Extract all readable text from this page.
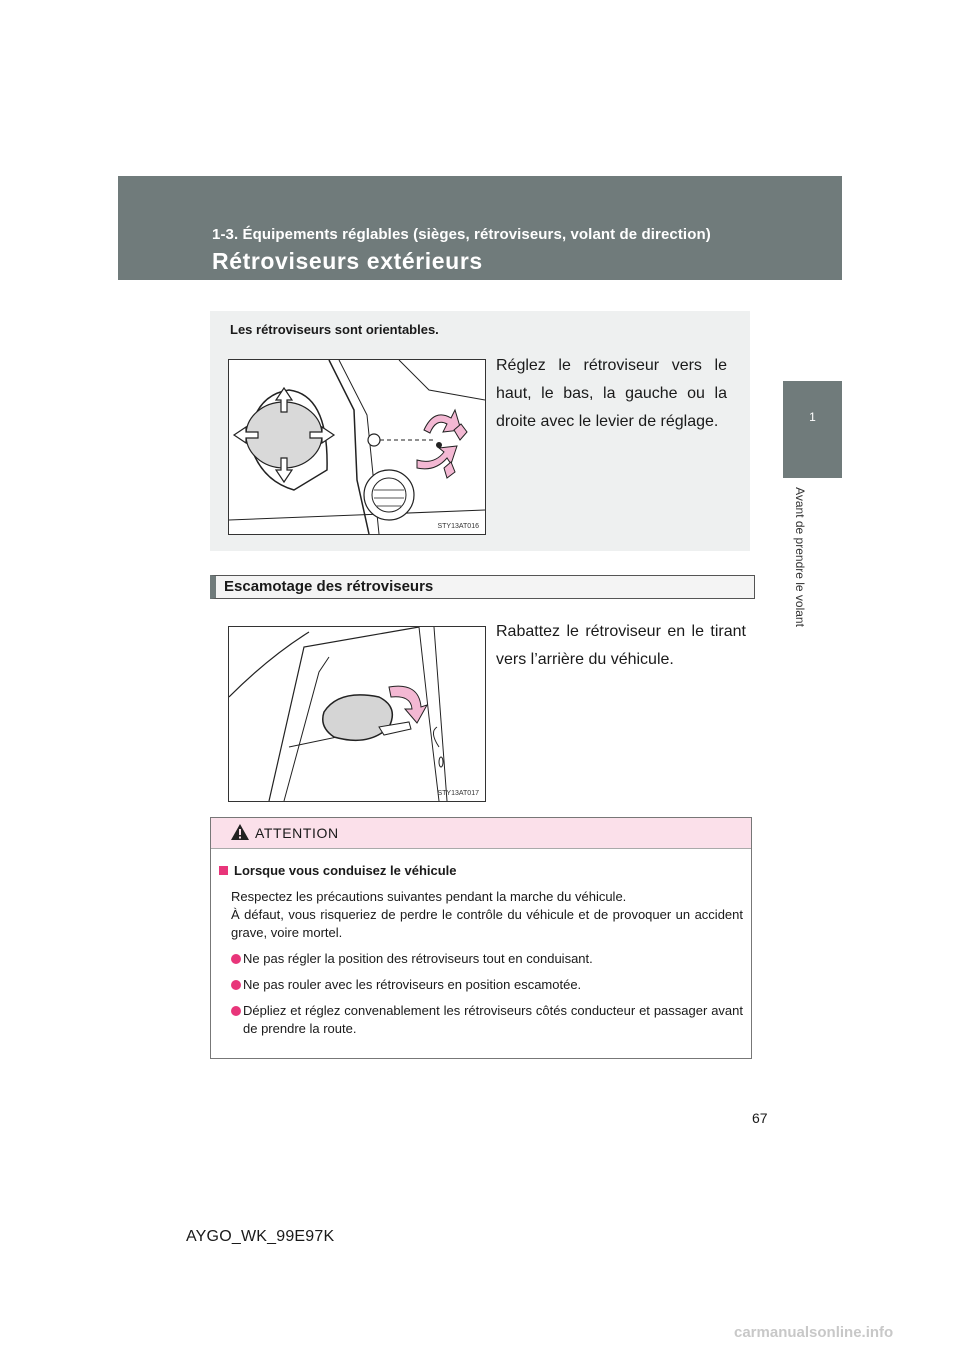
1-3. Équipements réglables (sièges, rétroviseurs, volant de direction)
Rétroviseurs extérieurs
1
Avant de prendre le volant
Les rétroviseurs sont orientables.
STY13AT016
Réglez le rétroviseur vers le haut, le bas, la gauche ou la droite avec le levier de réglage.
Escamotage des rétroviseurs
STY13AT017
Rabattez le rétroviseur en le tirant vers l’arrière du véhicule.
ATTENTION
Lorsque vous conduisez le véhicule
Respectez les précautions suivantes pendant la marche du véhicule.
À défaut, vous risqueriez de perdre le contrôle du véhicule et de provoquer un accident grave, voire mortel.
Ne pas régler la position des rétroviseurs tout en conduisant.
Ne pas rouler avec les rétroviseurs en position escamotée.
Dépliez et réglez convenablement les rétroviseurs côtés conducteur et passager avant de prendre la route.
67
AYGO_WK_99E97K
carmanualsonline.info
